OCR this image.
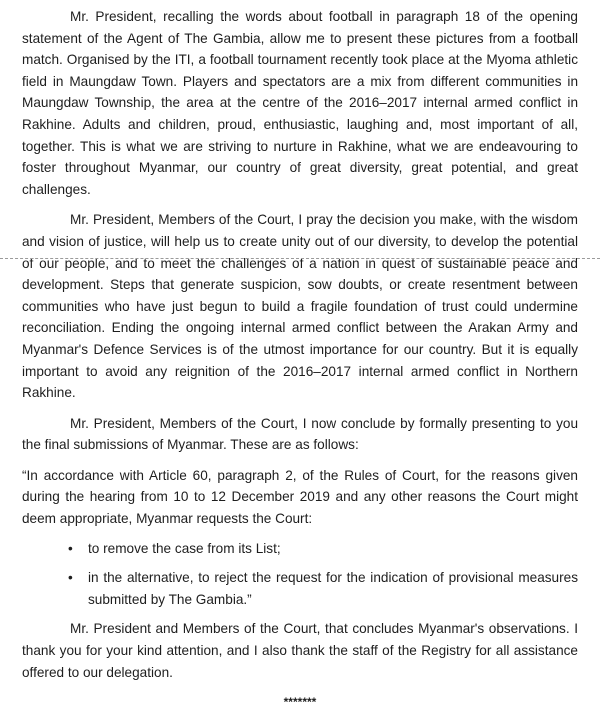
Mr. President, recalling the words about football in paragraph 18 of the opening statement of the Agent of The Gambia, allow me to present these pictures from a football match. Organised by the ITI, a football tournament recently took place at the Myoma athletic field in Maungdaw Town. Players and spectators are a mix from different communities in Maungdaw Township, the area at the centre of the 2016–2017 internal armed conflict in Rakhine. Adults and children, proud, enthusiastic, laughing and, most important of all, together. This is what we are striving to nurture in Rakhine, what we are endeavouring to foster throughout Myanmar, our country of great diversity, great potential, and great challenges.

Mr. President, Members of the Court, I pray the decision you make, with the wisdom and vision of justice, will help us to create unity out of our diversity, to develop the potential of our people, and to meet the challenges of a nation in quest of sustainable peace and development. Steps that generate suspicion, sow doubts, or create resentment between communities who have just begun to build a fragile foundation of trust could undermine reconciliation. Ending the ongoing internal armed conflict between the Arakan Army and Myanmar's Defence Services is of the utmost importance for our country. But it is equally important to avoid any reignition of the 2016–2017 internal armed conflict in Northern Rakhine.

Mr. President, Members of the Court, I now conclude by formally presenting to you the final submissions of Myanmar. These are as follows:

“In accordance with Article 60, paragraph 2, of the Rules of Court, for the reasons given during the hearing from 10 to 12 December 2019 and any other reasons the Court might deem appropriate, Myanmar requests the Court:

• to remove the case from its List;
• in the alternative, to reject the request for the indication of provisional measures submitted by The Gambia.”

Mr. President and Members of the Court, that concludes Myanmar's observations. I thank you for your kind attention, and I also thank the staff of the Registry for all assistance offered to our delegation.

*******
